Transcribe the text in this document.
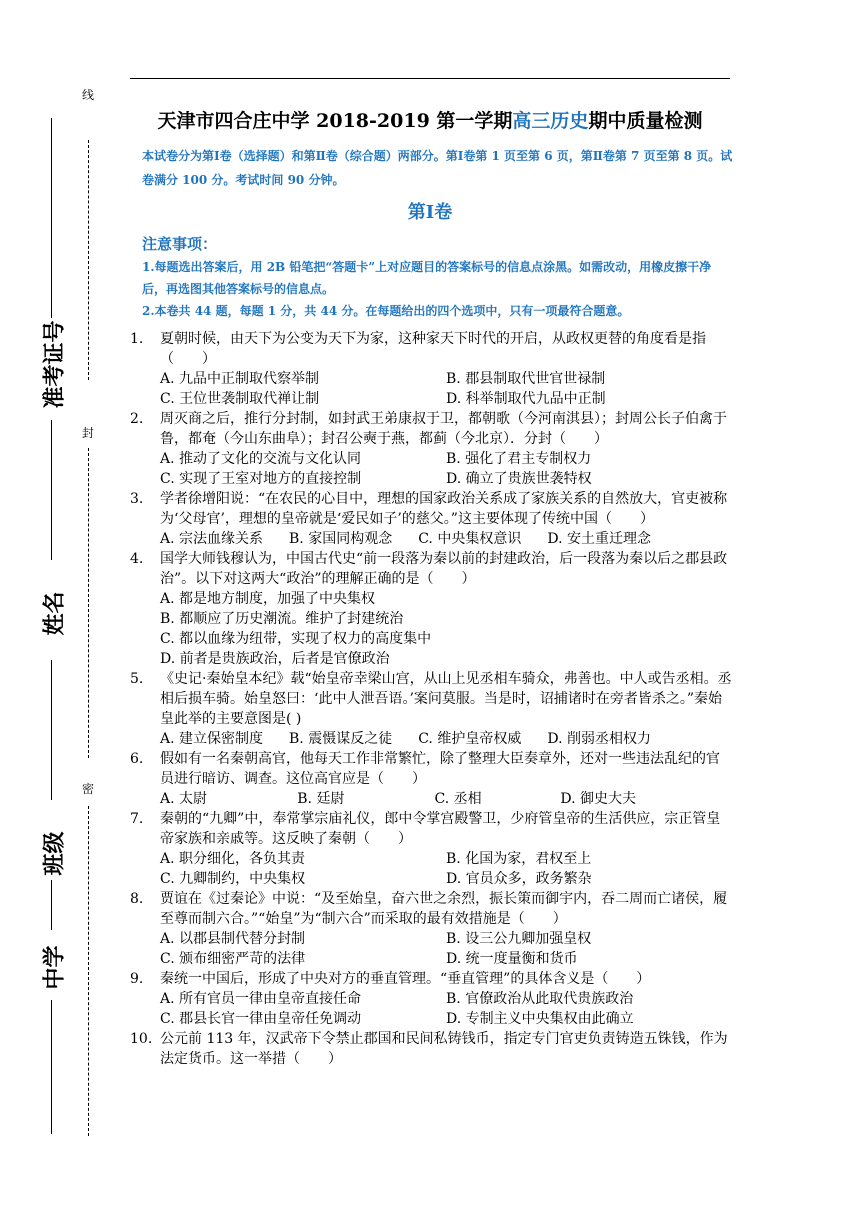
线
封
密
准考证号
姓名
班级
中学
天津市四合庄中学 2018-2019 第一学期高三历史期中质量检测
本试卷分为第Ⅰ卷（选择题）和第Ⅱ卷（综合题）两部分。第Ⅰ卷第 1 页至第 6 页，第Ⅱ卷第 7 页至第 8 页。试卷满分 100 分。考试时间 90 分钟。
第Ⅰ卷
注意事项：
1.每题选出答案后，用 2B 铅笔把“答题卡”上对应题目的答案标号的信息点涂黑。如需改动，用橡皮擦干净后，再选图其他答案标号的信息点。
2.本卷共 44 题，每题 1 分，共 44 分。在每题给出的四个选项中，只有一项最符合题意。
1. 夏朝时候，由天下为公变为天下为家，这种家天下时代的开启，从政权更替的角度看是指（　　）
A. 九品中正制取代察举制	B. 郡县制取代世官世禄制
C. 王位世袭制取代禅让制	D. 科举制取代九品中正制
2. 周灭商之后，推行分封制，如封武王弟康叔于卫，都朝歌（今河南淇县）；封周公长子伯禽于鲁，都奄（今山东曲阜）；封召公奭于燕，都蓟（今北京）．分封（　　）
A. 推动了文化的交流与文化认同	B. 强化了君主专制权力
C. 实现了王室对地方的直接控制	D. 确立了贵族世袭特权
3. 学者徐增阳说：“在农民的心目中，理想的国家政治关系成了家族关系的自然放大，官吏被称为‘父母官’，理想的皇帝就是‘爱民如子’的慈父。”这主要体现了传统中国（　　）
A. 宗法血缘关系 B. 家国同构观念 C. 中央集权意识 D. 安土重迁理念
4. 国学大师钱穆认为，中国古代史“前一段落为秦以前的封建政治，后一段落为秦以后之郡县政治”。以下对这两大“政治”的理解正确的是（　　）
A. 都是地方制度，加强了中央集权
B. 都顺应了历史潮流。维护了封建统治
C. 都以血缘为纽带，实现了权力的高度集中
D. 前者是贵族政治，后者是官僚政治
5. 《史记·秦始皇本纪》载“始皇帝幸梁山宫，从山上见丞相车骑众，弗善也。中人或告丞相。丞相后损车骑。始皇怒曰：‘此中人泄吾语。’案问莫服。当是时，诏捕诸时在旁者皆杀之。”秦始皇此举的主要意图是( )
A. 建立保密制度 B. 震慑谋反之徒 C. 维护皇帝权威 D. 削弱丞相权力
6. 假如有一名秦朝高官，他每天工作非常繁忙，除了整理大臣奏章外，还对一些违法乱纪的官员进行暗访、调查。这位高官应是（　　）
A. 太尉	B. 廷尉	C. 丞相	D. 御史大夫
7. 秦朝的“九卿”中，奉常掌宗庙礼仪，郎中令掌宫殿警卫，少府管皇帝的生活供应，宗正管皇帝家族和亲戚等。这反映了秦朝（　　）
A. 职分细化，各负其责	B. 化国为家，君权至上
C. 九卿制约，中央集权	D. 官员众多，政务繁杂
8. 贾谊在《过秦论》中说：“及至始皇，奋六世之余烈，振长策而御宇内，吞二周而亡诸侯，履至尊而制六合。”“始皇”为“制六合”而采取的最有效措施是（　　）
A. 以郡县制代替分封制	B. 设三公九卿加强皇权
C. 颁布细密严苛的法律	D. 统一度量衡和货币
9. 秦统一中国后，形成了中央对方的垂直管理。“垂直管理”的具体含义是（　　）
A. 所有官员一律由皇帝直接任命	B. 官僚政治从此取代贵族政治
C. 郡县长官一律由皇帝任免调动	D. 专制主义中央集权由此确立
10. 公元前 113 年，汉武帝下令禁止郡国和民间私铸钱币，指定专门官吏负责铸造五铢钱，作为法定货币。这一举措（　　）
